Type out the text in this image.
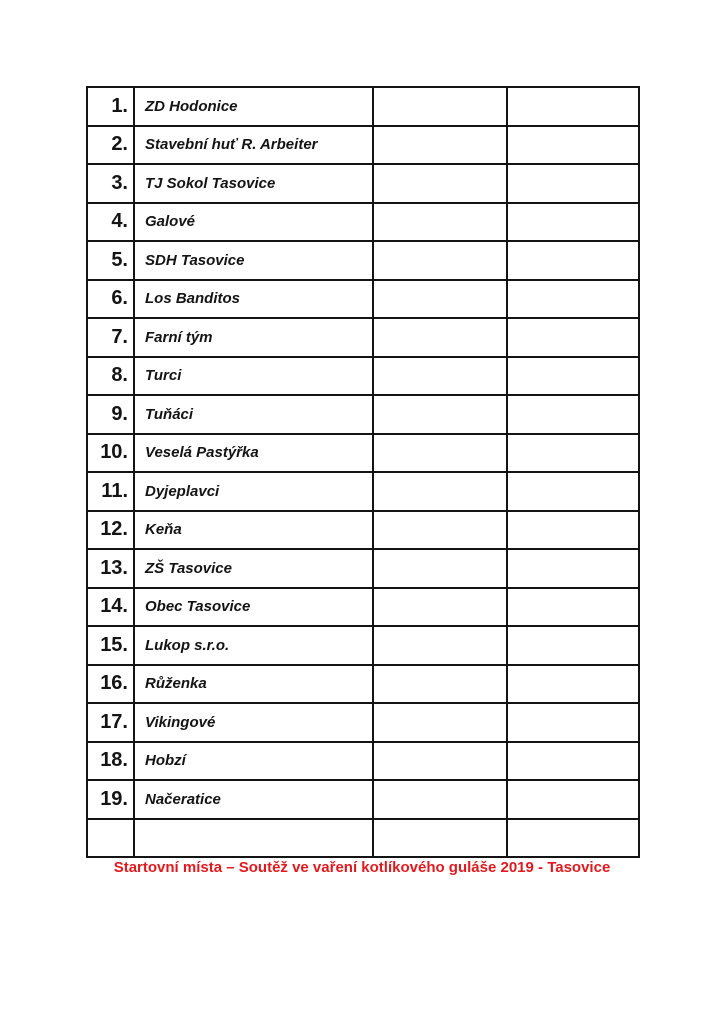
1.	ZD Hodonice		
2.	Stavební huť R. Arbeiter		
3.	TJ Sokol Tasovice		
4.	Galové		
5.	SDH Tasovice		
6.	Los Banditos		
7.	Farní tým		
8.	Turci		
9.	Tuňáci		
10.	Veselá Pastýřka		
11.	Dyjeplavci		
12.	Keňa		
13.	ZŠ Tasovice		
14.	Obec Tasovice		
15.	Lukop s.r.o.		
16.	Růženka		
17.	Vikingové		
18.	Hobzí		
19.	Načeratice		

Startovní místa – Soutěž ve vaření kotlíkového guláše 2019 - Tasovice
